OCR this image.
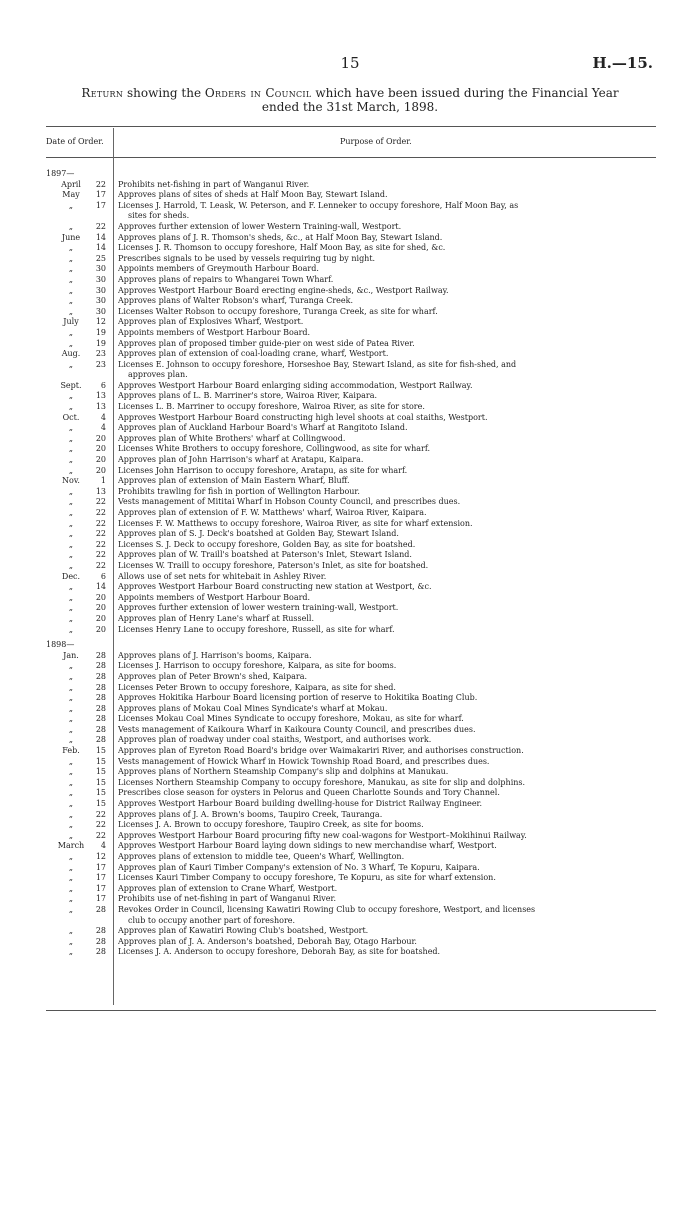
15	H.—15.
Return showing the Orders in Council which have been issued during the Financial Year
ended the 31st March, 1898.
Date of Order.	Purpose of Order.
1897—
April	22 Prohibits net-fishing in part of Wanganui River.
May	17 Approves plans of sites of sheds at Half Moon Bay, Stewart Island.
„	17 Licenses J. Harrold, T. Leask, W. Peterson, and F. Lenneker to occupy foreshore, Half Moon Bay, as
sites for sheds.
„	22 Approves further extension of lower Western Training-wall, Westport.
June	14 Approves plans of J. R. Thomson's sheds, &c., at Half Moon Bay, Stewart Island.
„	14 Licenses J. R. Thomson to occupy foreshore, Half Moon Bay, as site for shed, &c.
„	25 Prescribes signals to be used by vessels requiring tug by night.
„	30 Appoints members of Greymouth Harbour Board.
„	30 Approves plans of repairs to Whangarei Town Wharf.
„	30 Approves Westport Harbour Board erecting engine-sheds, &c., Westport Railway.
„	30 Approves plans of Walter Robson's wharf, Turanga Creek.
„	30 Licenses Walter Robson to occupy foreshore, Turanga Creek, as site for wharf.
July	12 Approves plan of Explosives Wharf, Westport.
„	19 Appoints members of Westport Harbour Board.
„	19 Approves plan of proposed timber guide-pier on west side of Patea River.
Aug.	23 Approves plan of extension of coal-loading crane, wharf, Westport.
„	23 Licenses E. Johnson to occupy foreshore, Horseshoe Bay, Stewart Island, as site for fish-shed, and
approves plan.
Sept.	6 Approves Westport Harbour Board enlarging siding accommodation, Westport Railway.
„	13 Approves plans of L. B. Marriner's store, Wairoa River, Kaipara.
„	13 Licenses L. B. Marriner to occupy foreshore, Wairoa River, as site for store.
Oct.	4 Approves Westport Harbour Board constructing high level shoots at coal staiths, Westport.
„	4 Approves plan of Auckland Harbour Board's Wharf at Rangitoto Island.
„	20 Approves plan of White Brothers' wharf at Collingwood.
„	20 Licenses White Brothers to occupy foreshore, Collingwood, as site for wharf.
„	20 Approves plan of John Harrison's wharf at Aratapu, Kaipara.
„	20 Licenses John Harrison to occupy foreshore, Aratapu, as site for wharf.
Nov.	1 Approves plan of extension of Main Eastern Wharf, Bluff.
„	13 Prohibits trawling for fish in portion of Wellington Harbour.
„	22 Vests management of Mititai Wharf in Hobson County Council, and prescribes dues.
„	22 Approves plan of extension of F. W. Matthews' wharf, Wairoa River, Kaipara.
„	22 Licenses F. W. Matthews to occupy foreshore, Wairoa River, as site for wharf extension.
„	22 Approves plan of S. J. Deck's boatshed at Golden Bay, Stewart Island.
„	22 Licenses S. J. Deck to occupy foreshore, Golden Bay, as site for boatshed.
„	22 Approves plan of W. Traill's boatshed at Paterson's Inlet, Stewart Island.
„	22 Licenses W. Traill to occupy foreshore, Paterson's Inlet, as site for boatshed.
Dec.	6 Allows use of set nets for whitebait in Ashley River.
„	14 Approves Westport Harbour Board constructing new station at Westport, &c.
„	20 Appoints members of Westport Harbour Board.
„	20 Approves further extension of lower western training-wall, Westport.
„	20 Approves plan of Henry Lane's wharf at Russell.
„	20 Licenses Henry Lane to occupy foreshore, Russell, as site for wharf.
1898—
Jan.	28 Approves plans of J. Harrison's booms, Kaipara.
„	28 Licenses J. Harrison to occupy foreshore, Kaipara, as site for booms.
„	28 Approves plan of Peter Brown's shed, Kaipara.
„	28 Licenses Peter Brown to occupy foreshore, Kaipara, as site for shed.
„	28 Approves Hokitika Harbour Board licensing portion of reserve to Hokitika Boating Club.
„	28 Approves plans of Mokau Coal Mines Syndicate's wharf at Mokau.
„	28 Licenses Mokau Coal Mines Syndicate to occupy foreshore, Mokau, as site for wharf.
„	28 Vests management of Kaikoura Wharf in Kaikoura County Council, and prescribes dues.
„	28 Approves plan of roadway under coal staiths, Westport, and authorises work.
Feb.	15 Approves plan of Eyreton Road Board's bridge over Waimakariri River, and authorises construction.
„	15 Vests management of Howick Wharf in Howick Township Road Board, and prescribes dues.
„	15 Approves plans of Northern Steamship Company's slip and dolphins at Manukau.
„	15 Licenses Northern Steamship Company to occupy foreshore, Manukau, as site for slip and dolphins.
„	15 Prescribes close season for oysters in Pelorus and Queen Charlotte Sounds and Tory Channel.
„	15 Approves Westport Harbour Board building dwelling-house for District Railway Engineer.
„	22 Approves plans of J. A. Brown's booms, Taupiro Creek, Tauranga.
„	22 Licenses J. A. Brown to occupy foreshore, Taupiro Creek, as site for booms.
„	22 Approves Westport Harbour Board procuring fifty new coal-wagons for Westport–Mokihinui Railway.
March	4 Approves Westport Harbour Board laying down sidings to new merchandise wharf, Westport.
„	12 Approves plans of extension to middle tee, Queen's Wharf, Wellington.
„	17 Approves plan of Kauri Timber Company's extension of No. 3 Wharf, Te Kopuru, Kaipara.
„	17 Licenses Kauri Timber Company to occupy foreshore, Te Kopuru, as site for wharf extension.
„	17 Approves plan of extension to Crane Wharf, Westport.
„	17 Prohibits use of net-fishing in part of Wanganui River.
„	28 Revokes Order in Council, licensing Kawatiri Rowing Club to occupy foreshore, Westport, and licenses
club to occupy another part of foreshore.
„	28 Approves plan of Kawatiri Rowing Club's boatshed, Westport.
„	28 Approves plan of J. A. Anderson's boatshed, Deborah Bay, Otago Harbour.
„	28 Licenses J. A. Anderson to occupy foreshore, Deborah Bay, as site for boatshed.
